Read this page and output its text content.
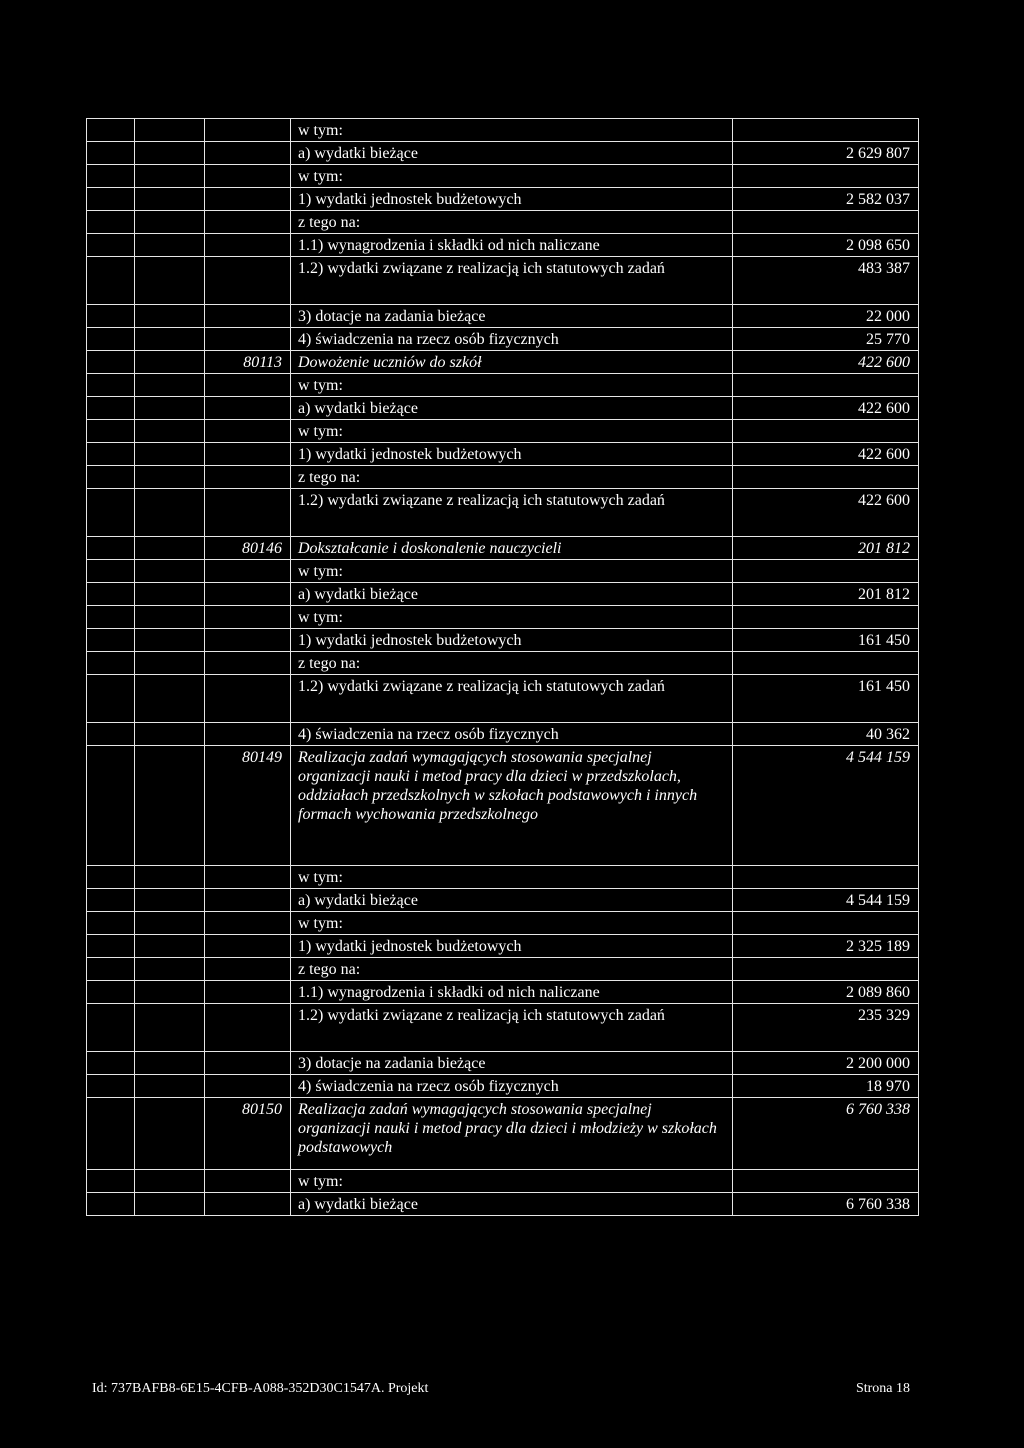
			w tym:	
			a) wydatki bieżące	2 629 807
			w tym:	
			1) wydatki jednostek budżetowych	2 582 037
			z tego na:	
			1.1) wynagrodzenia i składki od nich naliczane	2 098 650
			1.2) wydatki związane z realizacją ich statutowych zadań	483 387
			3) dotacje na zadania bieżące	22 000
			4) świadczenia na rzecz osób fizycznych	25 770
		80113	Dowożenie uczniów do szkół	422 600
			w tym:	
			a) wydatki bieżące	422 600
			w tym:	
			1) wydatki jednostek budżetowych	422 600
			z tego na:	
			1.2) wydatki związane z realizacją ich statutowych zadań	422 600
		80146	Dokształcanie i doskonalenie nauczycieli	201 812
			w tym:	
			a) wydatki bieżące	201 812
			w tym:	
			1) wydatki jednostek budżetowych	161 450
			z tego na:	
			1.2) wydatki związane z realizacją ich statutowych zadań	161 450
			4) świadczenia na rzecz osób fizycznych	40 362
		80149	Realizacja zadań wymagających stosowania specjalnej organizacji nauki i metod pracy dla dzieci w przedszkolach, oddziałach przedszkolnych w szkołach podstawowych i innych formach wychowania przedszkolnego	4 544 159
			w tym:	
			a) wydatki bieżące	4 544 159
			w tym:	
			1) wydatki jednostek budżetowych	2 325 189
			z tego na:	
			1.1) wynagrodzenia i składki od nich naliczane	2 089 860
			1.2) wydatki związane z realizacją ich statutowych zadań	235 329
			3) dotacje na zadania bieżące	2 200 000
			4) świadczenia na rzecz osób fizycznych	18 970
		80150	Realizacja zadań wymagających stosowania specjalnej organizacji nauki i metod pracy dla dzieci i młodzieży w szkołach podstawowych	6 760 338
			w tym:	
			a) wydatki bieżące	6 760 338
Id: 737BAFB8-6E15-4CFB-A088-352D30C1547A. Projekt	Strona 18
